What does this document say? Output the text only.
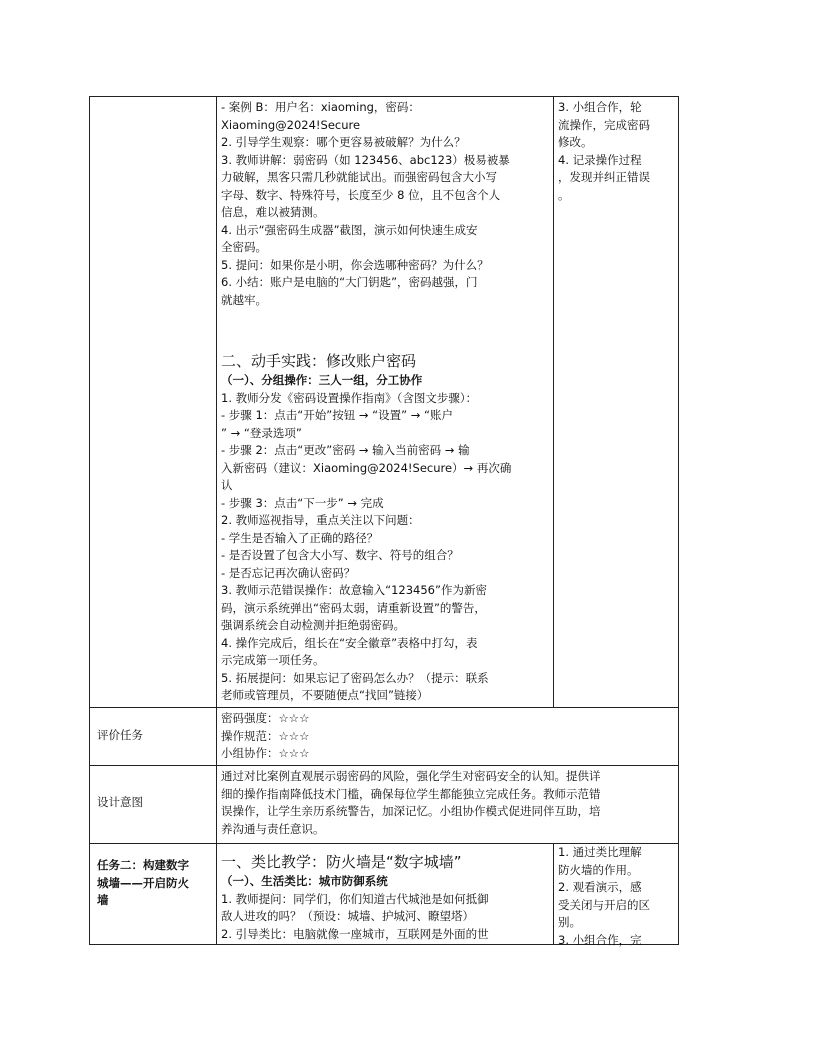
- 案例 B：用户名：xiaoming，密码：

Xiaoming@2024!Secure

2. 引导学生观察：哪个更容易被破解？为什么？

3. 教师讲解：弱密码（如 123456、abc123）极易被暴

力破解，黑客只需几秒就能试出。而强密码包含大小写

字母、数字、特殊符号，长度至少 8 位，且不包含个人

信息，难以被猜测。

4. 出示“强密码生成器”截图，演示如何快速生成安

全密码。

5. 提问：如果你是小明，你会选哪种密码？为什么？

6. 小结：账户是电脑的“大门钥匙”，密码越强，门

就越牢。

二、动手实践：修改账户密码

（一）、分组操作：三人一组，分工协作

1. 教师分发《密码设置操作指南》（含图文步骤）：

- 步骤 1：点击“开始”按钮 → “设置” → “账户

” → “登录选项”

- 步骤 2：点击“更改”密码 → 输入当前密码 → 输

入新密码（建议：Xiaoming@2024!Secure）→ 再次确

认

- 步骤 3：点击“下一步” → 完成

2. 教师巡视指导，重点关注以下问题：

- 学生是否输入了正确的路径？

- 是否设置了包含大小写、数字、符号的组合？

- 是否忘记再次确认密码？

3. 教师示范错误操作：故意输入“123456”作为新密

码，演示系统弹出“密码太弱，请重新设置”的警告，

强调系统会自动检测并拒绝弱密码。

4. 操作完成后，组长在“安全徽章”表格中打勾，表

示完成第一项任务。

5. 拓展提问：如果忘记了密码怎么办？（提示：联系

老师或管理员，不要随便点“找回”链接）

3. 小组合作，轮

流操作，完成密码

修改。

4. 记录操作过程

，发现并纠正错误

。

评价任务

密码强度：☆☆☆

操作规范：☆☆☆

小组协作：☆☆☆

设计意图

通过对比案例直观展示弱密码的风险，强化学生对密码安全的认知。提供详

细的操作指南降低技术门槛，确保每位学生都能独立完成任务。教师示范错

误操作，让学生亲历系统警告，加深记忆。小组协作模式促进同伴互助，培

养沟通与责任意识。

任务二：构建数字

城墙——开启防火

墙

一、类比教学：防火墙是“数字城墙”

（一）、生活类比：城市防御系统

1. 教师提问：同学们，你们知道古代城池是如何抵御

敌人进攻的吗？（预设：城墙、护城河、瞭望塔）

2. 引导类比：电脑就像一座城市，互联网是外面的世

1. 通过类比理解

防火墙的作用。

2. 观看演示，感

受关闭与开启的区

别。

3. 小组合作，完
